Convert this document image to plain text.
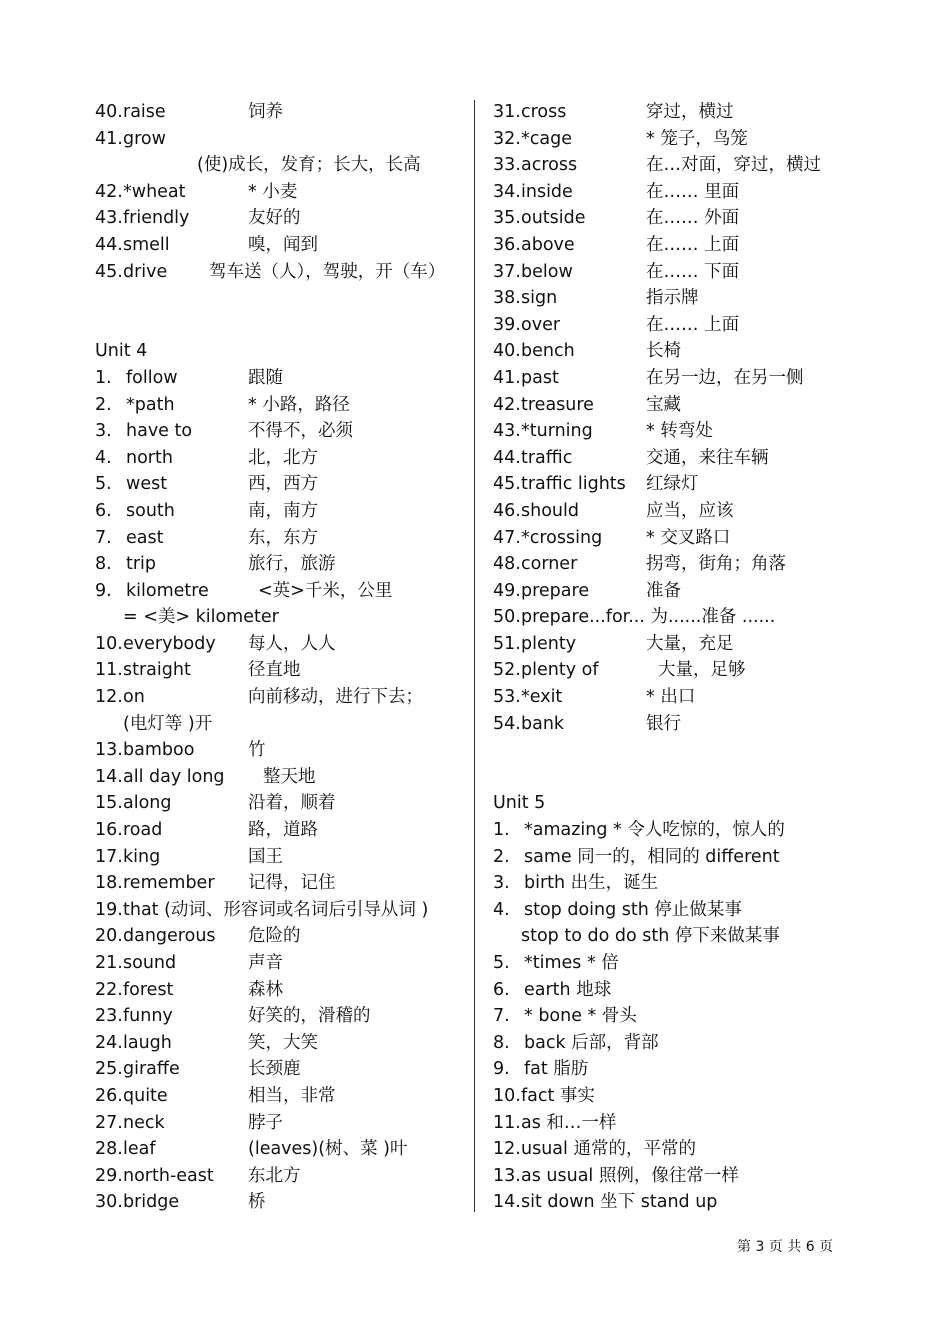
40. raise	饲养
41. grow
(使)成长，发育；长大，长高
42. *wheat	* 小麦
43. friendly	友好的
44. smell	嗅，闻到
45. drive 驾车送（人），驾驶，开（车）
Unit 4
1. follow	跟随
2. *path	* 小路，路径
3. have to	不得不，必须
4. north	北，北方
5. west	西，西方
6. south	南，南方
7. east	东，东方
8. trip	旅行，旅游
9. kilometre	<英>千米，公里
= <美> kilometer
10. everybody 每人，人人
11. straight	径直地
12. on	向前移动，进行下去；
(电灯等 )开
13. bamboo	竹
14. all day long 整天地
15. along	沿着，顺着
16. road	路，道路
17. king	国王
18. remember 记得，记住
19. that (动词、形容词或名词后引导从词 )
20. dangerous 危险的
21. sound	声音
22. forest	森林
23. funny	好笑的，滑稽的
24. laugh	笑，大笑
25. giraffe	长颈鹿
26. quite	相当，非常
27. neck	脖子
28. leaf	(leaves)(树、菜 )叶
29. north-east 东北方
30. bridge	桥
31. cross	穿过，横过
32. *cage	* 笼子，鸟笼
33. across	在…对面，穿过，横过
34. inside	在…… 里面
35. outside	在…… 外面
36. above	在…… 上面
37. below	在…… 下面
38. sign	指示牌
39. over	在…… 上面
40. bench	长椅
41. past	在另一边，在另一侧
42. treasure	宝藏
43. *turning	* 转弯处
44. traffic	交通，来往车辆
45. traffic lights 红绿灯
46. should	应当，应该
47. *crossing	* 交叉路口
48. corner	拐弯，街角；角落
49. prepare	准备
50. prepare...for... 为......准备 ......
51. plenty	大量，充足
52. plenty of	大量，足够
53. *exit	* 出口
54. bank	银行
Unit 5
1. *amazing * 令人吃惊的，惊人的
2. same 同一的，相同的 different
3. birth 出生，诞生
4. stop doing sth 停止做某事
stop to do do sth 停下来做某事
5. *times * 倍
6. earth 地球
7. * bone * 骨头
8. back 后部，背部
9. fat 脂肪
10. fact 事实
11. as 和…一样
12. usual 通常的，平常的
13. as usual 照例，像往常一样
14. sit down 坐下 stand up
第 3 页 共 6 页
